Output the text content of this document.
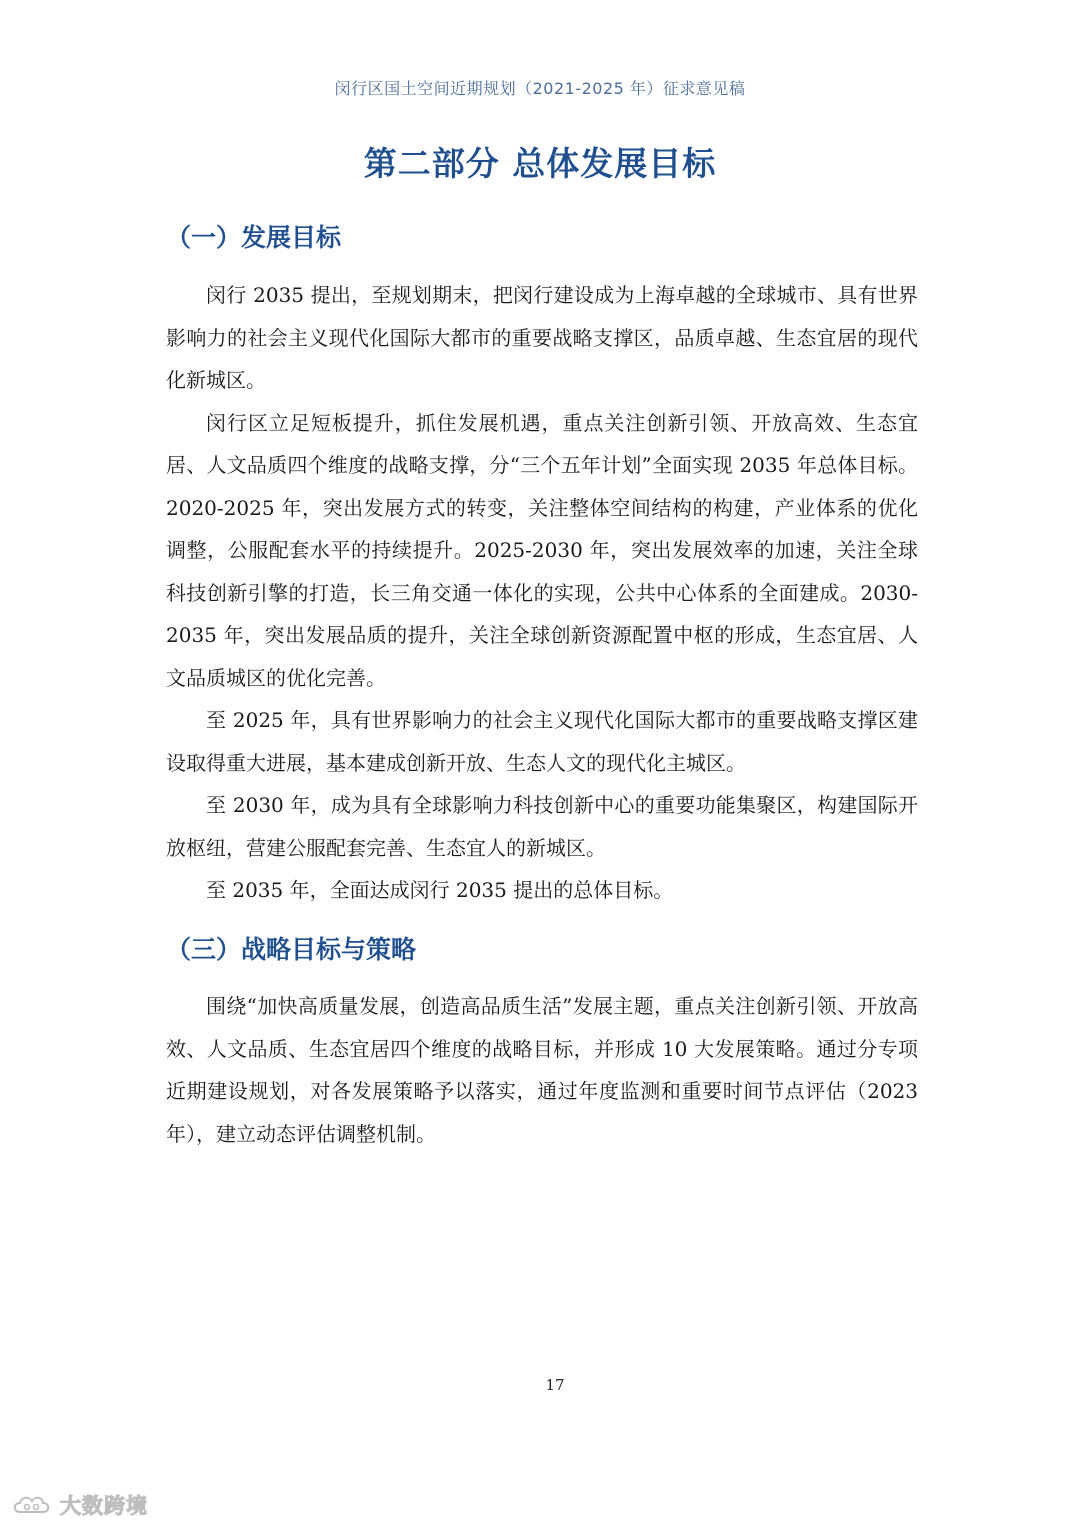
闵行区国土空间近期规划（2021-2025 年）征求意见稿
第二部分 总体发展目标
（一）发展目标

闵行 2035 提出，至规划期末，把闵行建设成为上海卓越的全球城市、具有世界影响力的社会主义现代化国际大都市的重要战略支撑区，品质卓越、生态宜居的现代化新城区。

闵行区立足短板提升，抓住发展机遇，重点关注创新引领、开放高效、生态宜居、人文品质四个维度的战略支撑，分“三个五年计划”全面实现 2035 年总体目标。2020-2025 年，突出发展方式的转变，关注整体空间结构的构建，产业体系的优化调整，公服配套水平的持续提升。2025-2030 年，突出发展效率的加速，关注全球科技创新引擎的打造，长三角交通一体化的实现，公共中心体系的全面建成。2030-2035 年，突出发展品质的提升，关注全球创新资源配置中枢的形成，生态宜居、人文品质城区的优化完善。

至 2025 年，具有世界影响力的社会主义现代化国际大都市的重要战略支撑区建设取得重大进展，基本建成创新开放、生态人文的现代化主城区。

至 2030 年，成为具有全球影响力科技创新中心的重要功能集聚区，构建国际开放枢纽，营建公服配套完善、生态宜人的新城区。

至 2035 年，全面达成闵行 2035 提出的总体目标。

（三）战略目标与策略

围绕“加快高质量发展，创造高品质生活”发展主题，重点关注创新引领、开放高效、人文品质、生态宜居四个维度的战略目标，并形成 10 大发展策略。通过分专项近期建设规划，对各发展策略予以落实，通过年度监测和重要时间节点评估（2023 年），建立动态评估调整机制。

17
大数跨境
